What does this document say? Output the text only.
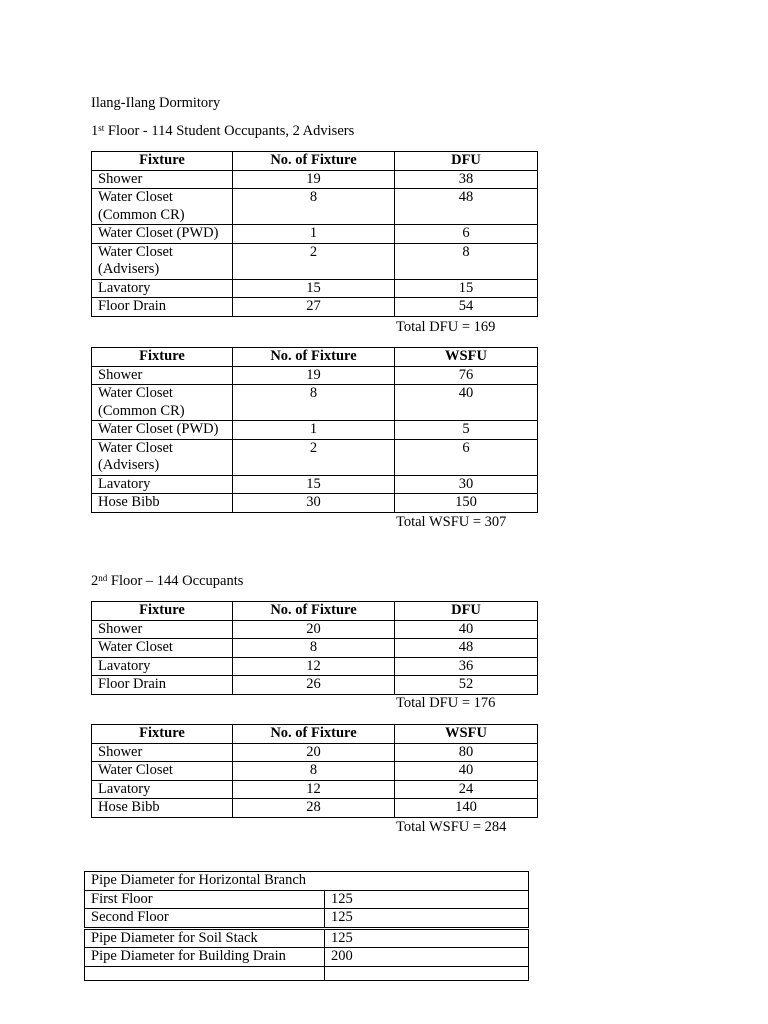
Ilang-Ilang Dormitory
1st Floor - 114 Student Occupants, 2 Advisers
Fixture	No. of Fixture	DFU
Shower	19	38
Water Closet (Common CR)	8	48
Water Closet (PWD)	1	6
Water Closet (Advisers)	2	8
Lavatory	15	15
Floor Drain	27	54
Total DFU = 169
Fixture	No. of Fixture	WSFU
Shower	19	76
Water Closet (Common CR)	8	40
Water Closet (PWD)	1	5
Water Closet (Advisers)	2	6
Lavatory	15	30
Hose Bibb	30	150
Total WSFU = 307
2nd Floor – 144 Occupants
Fixture	No. of Fixture	DFU
Shower	20	40
Water Closet	8	48
Lavatory	12	36
Floor Drain	26	52
Total DFU = 176
Fixture	No. of Fixture	WSFU
Shower	20	80
Water Closet	8	40
Lavatory	12	24
Hose Bibb	28	140
Total WSFU = 284
Pipe Diameter for Horizontal Branch	
First Floor	125
Second Floor	125
Pipe Diameter for Soil Stack	125
Pipe Diameter for Building Drain	200
